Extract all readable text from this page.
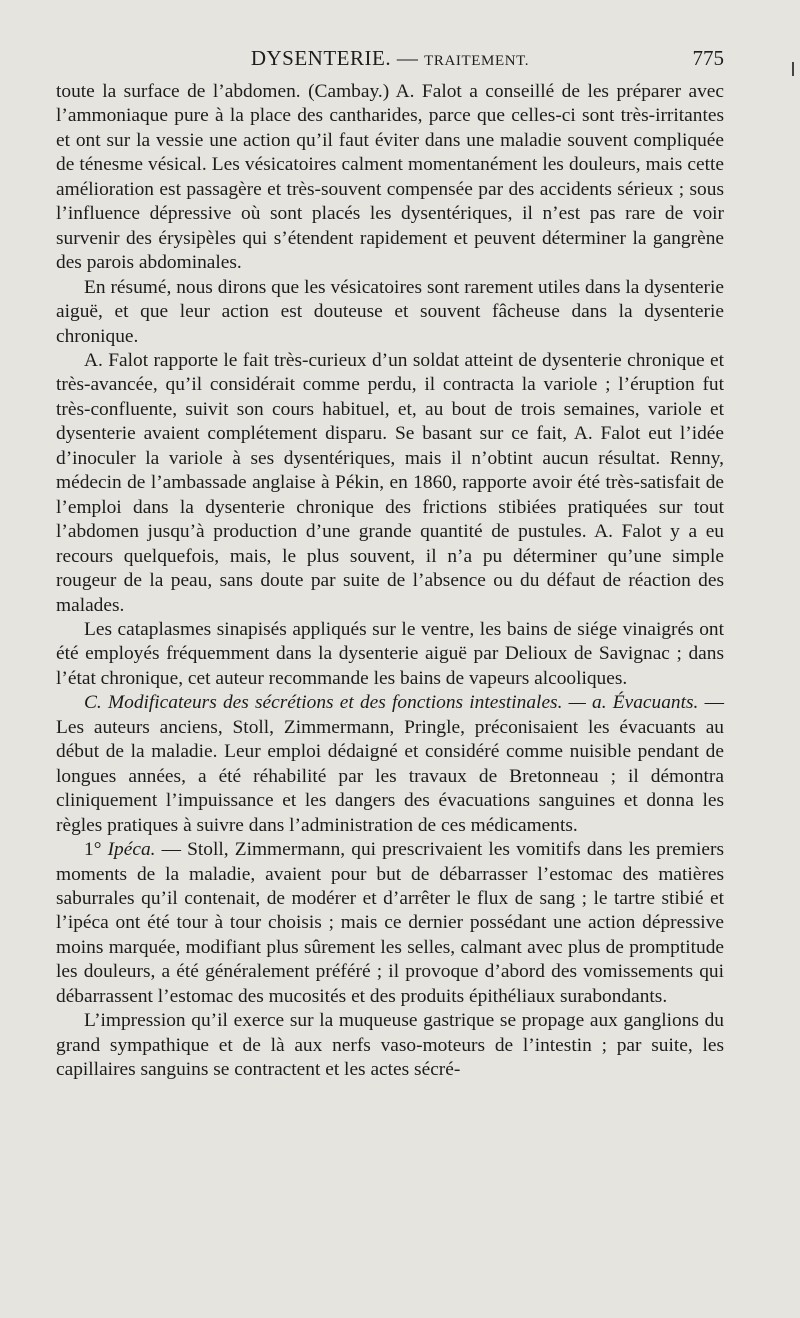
DYSENTERIE. — TRAITEMENT.	775

toute la surface de l’abdomen. (Cambay.) A. Falot a conseillé de les préparer avec l’ammoniaque pure à la place des cantharides, parce que celles-ci sont très-irritantes et ont sur la vessie une action qu’il faut éviter dans une maladie souvent compliquée de ténesme vésical. Les vésicatoires calment momentanément les douleurs, mais cette amélioration est passagère et très-souvent compensée par des accidents sérieux ; sous l’influence dépressive où sont placés les dysentériques, il n’est pas rare de voir survenir des érysipèles qui s’étendent rapidement et peuvent déterminer la gangrène des parois abdominales.

En résumé, nous dirons que les vésicatoires sont rarement utiles dans la dysenterie aiguë, et que leur action est douteuse et souvent fâcheuse dans la dysenterie chronique.

A. Falot rapporte le fait très-curieux d’un soldat atteint de dysenterie chronique et très-avancée, qu’il considérait comme perdu, il contracta la variole ; l’éruption fut très-confluente, suivit son cours habituel, et, au bout de trois semaines, variole et dysenterie avaient complétement disparu. Se basant sur ce fait, A. Falot eut l’idée d’inoculer la variole à ses dysentériques, mais il n’obtint aucun résultat. Renny, médecin de l’ambassade anglaise à Pékin, en 1860, rapporte avoir été très-satisfait de l’emploi dans la dysenterie chronique des frictions stibiées pratiquées sur tout l’abdomen jusqu’à production d’une grande quantité de pustules. A. Falot y a eu recours quelquefois, mais, le plus souvent, il n’a pu déterminer qu’une simple rougeur de la peau, sans doute par suite de l’absence ou du défaut de réaction des malades.

Les cataplasmes sinapisés appliqués sur le ventre, les bains de siége vinaigrés ont été employés fréquemment dans la dysenterie aiguë par Delioux de Savignac ; dans l’état chronique, cet auteur recommande les bains de vapeurs alcooliques.

C. Modificateurs des sécrétions et des fonctions intestinales. — a. Évacuants. — Les auteurs anciens, Stoll, Zimmermann, Pringle, préconisaient les évacuants au début de la maladie. Leur emploi dédaigné et considéré comme nuisible pendant de longues années, a été réhabilité par les travaux de Bretonneau ; il démontra cliniquement l’impuissance et les dangers des évacuations sanguines et donna les règles pratiques à suivre dans l’administration de ces médicaments.

1° Ipéca. — Stoll, Zimmermann, qui prescrivaient les vomitifs dans les premiers moments de la maladie, avaient pour but de débarrasser l’estomac des matières saburrales qu’il contenait, de modérer et d’arrêter le flux de sang ; le tartre stibié et l’ipéca ont été tour à tour choisis ; mais ce dernier possédant une action dépressive moins marquée, modifiant plus sûrement les selles, calmant avec plus de promptitude les douleurs, a été généralement préféré ; il provoque d’abord des vomissements qui débarrassent l’estomac des mucosités et des produits épithéliaux surabondants.

L’impression qu’il exerce sur la muqueuse gastrique se propage aux ganglions du grand sympathique et de là aux nerfs vaso-moteurs de l’intestin ; par suite, les capillaires sanguins se contractent et les actes sécré-
